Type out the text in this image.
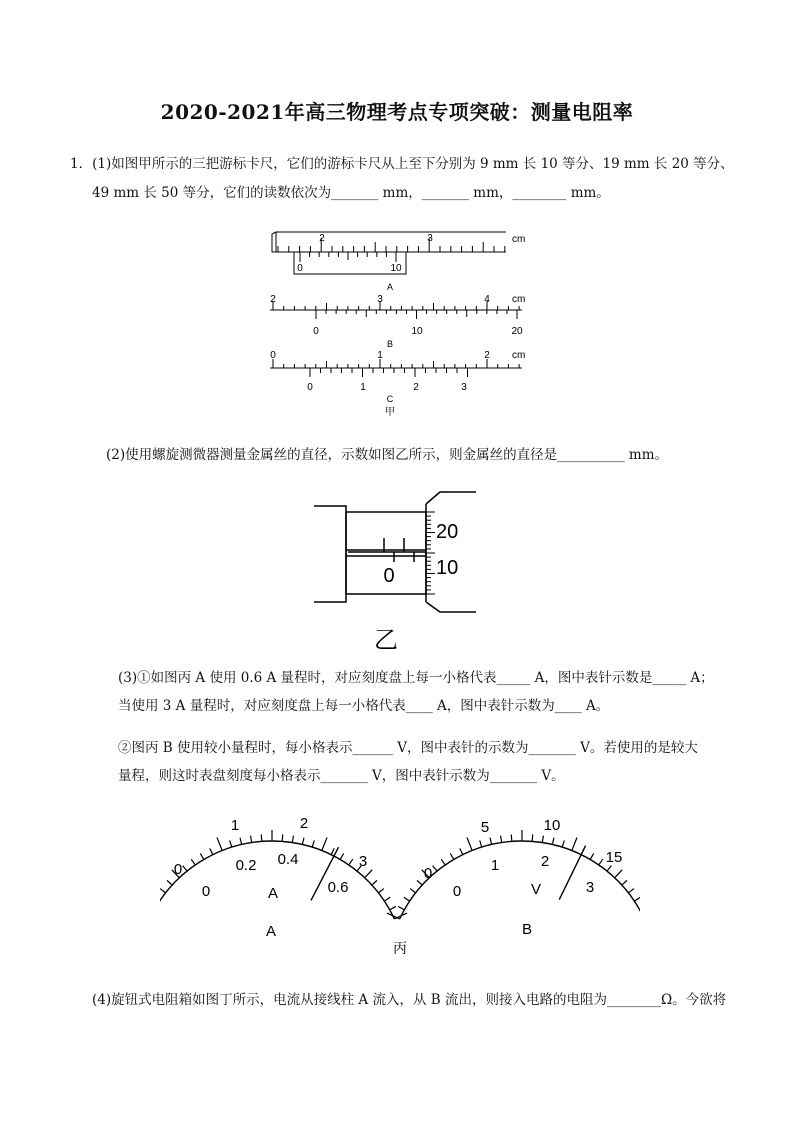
2020-2021年高三物理考点专项突破：测量电阻率
1．(1)如图甲所示的三把游标卡尺，它们的游标卡尺从上至下分别为 9 mm 长 10 等分、19 mm 长 20 等分、
49 mm 长 50 等分，它们的读数依次为_______ mm，_______ mm，________ mm。
2	3	cm
0	10
A
2	3	4 cm
0	10	20
B
0	1	2 cm
0	1	2	3
C
甲
(2)使用螺旋测微器测量金属丝的直径，示数如图乙所示，则金属丝的直径是__________ mm。
0
20
10
乙
(3)①如图丙 A 使用 0.6 A 量程时，对应刻度盘上每一小格代表_____ A，图中表针示数是_____ A；
当使用 3 A 量程时，对应刻度盘上每一小格代表____ A，图中表针示数为____ A。
②图丙 B 使用较小量程时，每小格表示______ V，图中表针的示数为_______ V。若使用的是较大
量程，则这时表盘刻度每小格表示_______ V，图中表针示数为_______ V。
0
1	2
3
0
0.2 0.4
0.6
A
A
0
5	10
15
0
1	2
3
V
B
丙
(4)旋钮式电阻箱如图丁所示，电流从接线柱 A 流入，从 B 流出，则接入电路的电阻为________Ω。今欲将
